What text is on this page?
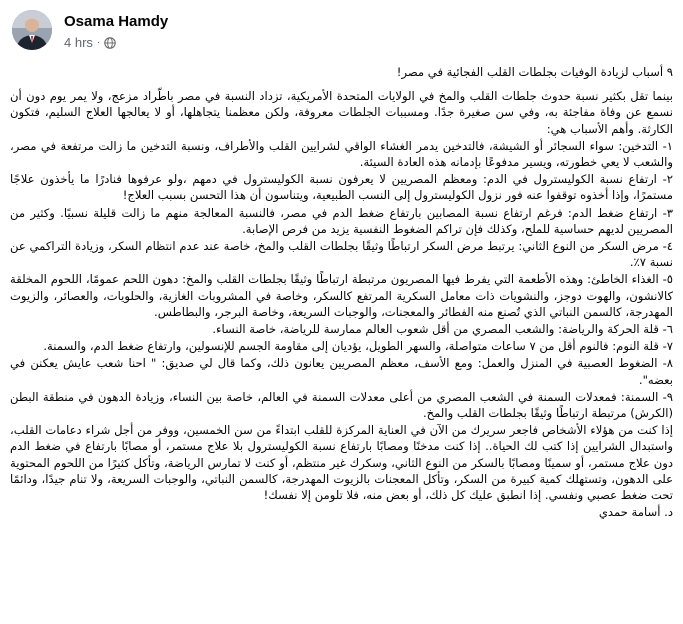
Osama Hamdy
4 hrs ·

٩ أسباب لزيادة الوفيات بجلطات القلب الفجائية في مصر!

بينما تقل بكثير نسبة حدوث جلطات القلب والمخ في الولايات المتحدة الأمريكية، تزداد النسبة في مصر باطّراد مزعج، ولا يمر يوم دون أن نسمع عن وفاة مفاجئة به، وفي سن صغيرة جدًا. ومسببات الجلطات معروفة، ولكن معظمنا يتجاهلها، أو لا يعالجها العلاج السليم، فتكون الكارثة. وأهم الأسباب هي:

١- التدخين: سواء السجائر أو الشيشة، فالتدخين يدمر الغشاء الواقي لشرايين القلب والأطراف، ونسبة التدخين ما زالت مرتفعة في مصر، والشعب لا يعي خطورته، ويسير مدفوعًا بإدمانه هذه العادة السيئة.

٢- ارتفاع نسبة الكوليسترول في الدم: ومعظم المصريين لا يعرفون نسبة الكوليسترول في دمهم ،ولو عرفوها فنادرًا ما يأخذون علاجًا مستمرًا، وإذا أخذوه توقفوا عنه فور نزول الكوليسترول إلى النسب الطبيعية، ويتناسون أن هذا التحسن بسبب العلاج!

٣- ارتفاع ضغط الدم: فرغم ارتفاع نسبة المصابين بارتفاع ضغط الدم في مصر، فالنسبة المعالجة منهم ما زالت قليلة نسبيًا. وكثير من المصريين لديهم حساسية للملح، وكذلك فإن تراكم الضغوط النفسية يزيد من فرص الإصابة.

٤- مرض السكر من النوع الثاني: يرتبط مرض السكر ارتباطًا وثيقًا بجلطات القلب والمخ، خاصة عند عدم انتظام السكر، وزيادة التراكمي عن نسبة ٧٪.

٥- الغذاء الخاطئ: وهذه الأطعمة التي يفرط فيها المصريون مرتبطة ارتباطًا وثيقًا بجلطات القلب والمخ: دهون اللحم عمومًا، اللحوم المخلقة كالانشون، والهوت دوجز، والنشويات ذات معامل السكرية المرتفع كالسكر، وخاصة في المشروبات الغازية، والحلويات، والعصائر، والزيوت المهدرجة، كالسمن النباتي الذي تُصنع منه الفطائر والمعجنات، والوجبات السريعة، وخاصة البرجر، والبطاطس.

٦- قلة الحركة والرياضة: والشعب المصري من أقل شعوب العالم ممارسة للرياضة، خاصة النساء.

٧- قلة النوم: فالنوم أقل من ٧ ساعات متواصلة، والسهر الطويل، يؤديان إلى مقاومة الجسم للإنسولين، وارتفاع ضغط الدم، والسمنة.

٨- الضغوط العصبية في المنزل والعمل: ومع الأسف، معظم المصريين يعانون ذلك، وكما قال لي صديق: " احنا شعب عايش يعكنن في بعضه".

٩- السمنة: فمعدلات السمنة في الشعب المصري من أعلى معدلات السمنة في العالم، خاصة بين النساء، وزيادة الدهون في منطقة البطن (الكرش) مرتبطة ارتباطًا وثيقًا بجلطات القلب والمخ.

إذا كنت من هؤلاء الأشخاص فاجعر سريرك من الآن في العناية المركزة للقلب ابتداءً من سن الخمسين، ووفر من أجل شراء دعامات القلب، واستبدال الشرايين إذا كتب لك الحياة.. إذا كنت مدخنًا ومصابًا بارتفاع نسبة الكوليسترول بلا علاج مستمر، أو مصابًا بارتفاع في ضغط الدم دون علاج مستمر، أو سمينًا ومصابًا بالسكر من النوع الثاني، وسكرك غير منتظم، أو كنت لا تمارس الرياضة، وتأكل كثيرًا من اللحوم المحتوية على الدهون، وتستهلك كمية كبيرة من السكر، وتأكل المعجنات بالزيوت المهدرجة، كالسمن النباتي، والوجبات السريعة، ولا تنام جيدًا، ودائمًا تحت ضغط عصبي ونفسي. إذا انطبق عليك كل ذلك، أو بعض منه، فلا تلومن إلا نفسك!

د. أسامة حمدي
